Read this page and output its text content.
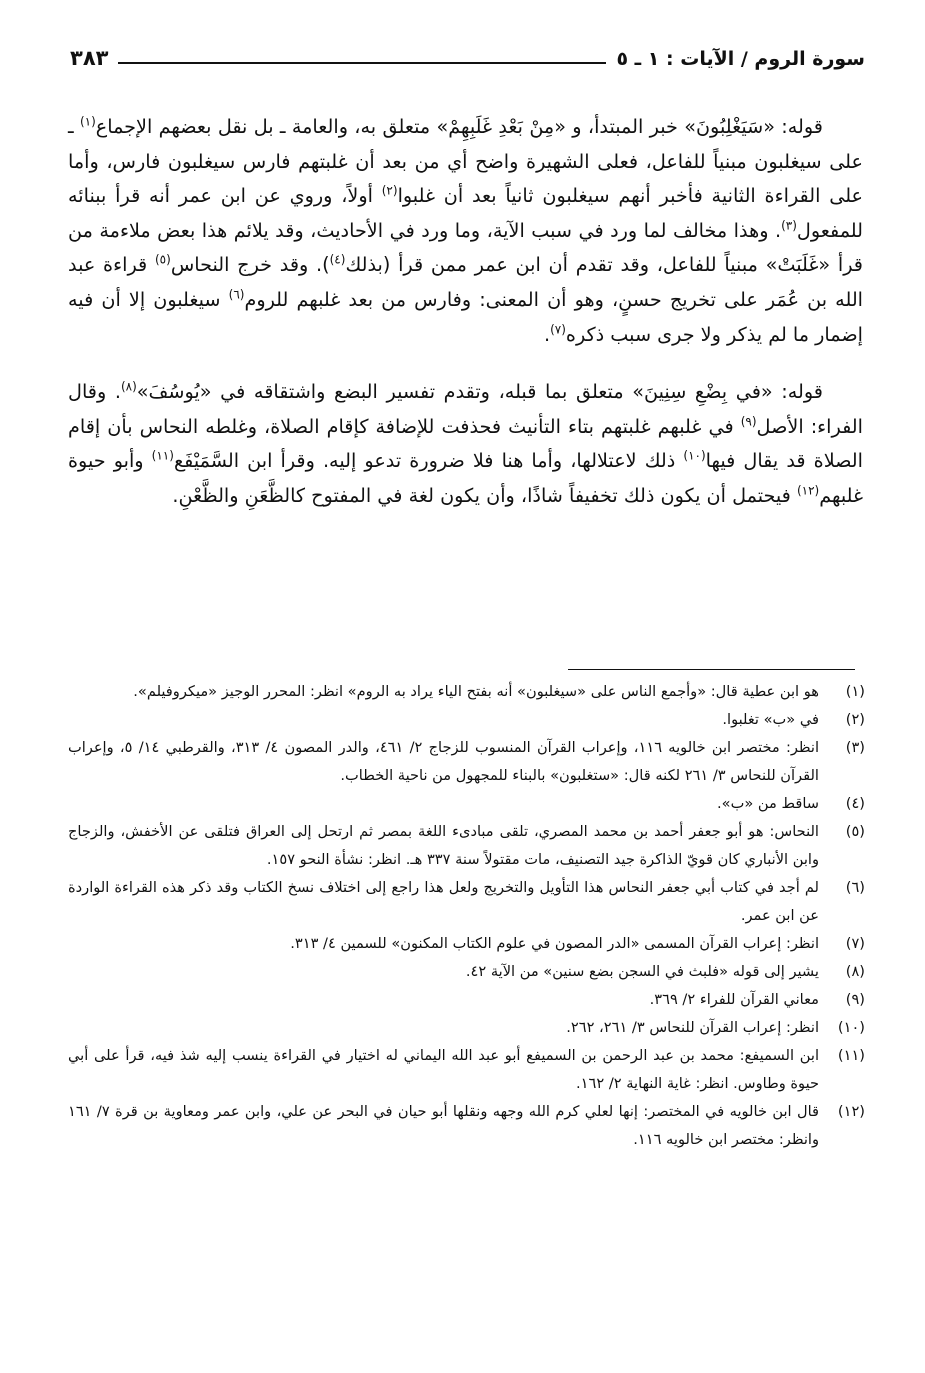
سورة الروم / الآيات : ١ ـ ٥
٣٨٣

قوله: «سَيَغْلِبُونَ» خبر المبتدأ، و «مِنْ بَعْدِ غَلَبِهِمْ» متعلق به، والعامة ـ بل نقل بعضهم الإجماع$^{(١)}$ ـ على سيغلبون مبنياً للفاعل، فعلى الشهيرة واضح أي من بعد أن غلبتهم فارس سيغلبون فارس، وأما على القراءة الثانية فأخبر أنهم سيغلبون ثانياً بعد أن غلبوا$^{(٢)}$ أولاً، وروي عن ابن عمر أنه قرأ ببنائه للمفعول$^{(٣)}$. وهذا مخالف لما ورد في سبب الآية، وما ورد في الأحاديث، وقد يلائم هذا بعض ملاءمة من قرأ «غَلَبَتْ» مبنياً للفاعل، وقد تقدم أن ابن عمر ممن قرأ (بذلك$^{(٤)}$). وقد خرج النحاس$^{(٥)}$ قراءة عبد الله بن عُمَر على تخريج حسنٍ، وهو أن المعنى: وفارس من بعد غلبهم للروم$^{(٦)}$ سيغلبون إلا أن فيه إضمار ما لم يذكر ولا جرى سبب ذكره$^{(٧)}$.

قوله: «في بِضْعِ سِنِينَ» متعلق بما قبله، وتقدم تفسير البضع واشتقاقه في «يُوسُفَ»$^{(٨)}$. وقال الفراء: الأصل$^{(٩)}$ في غلبهم غلبتهم بتاء التأنيث فحذفت للإضافة كإقام الصلاة، وغلطه النحاس بأن إقام الصلاة قد يقال فيها$^{(١٠)}$ ذلك لاعتلالها، وأما هنا فلا ضرورة تدعو إليه. وقرأ ابن السَّمَيْفَع$^{(١١)}$ وأبو حيوة غلبهم$^{(١٢)}$ فيحتمل أن يكون ذلك تخفيفاً شاذًا، وأن يكون لغة في المفتوح كالظَّعَنِ والظَّعْنِ.

(١)
هو ابن عطية قال: «وأجمع الناس على «سيغلبون» أنه بفتح الياء يراد به الروم» انظر: المحرر الوجيز «ميكروفيلم».
(٢)
في «ب» تغلبوا.
(٣)
انظر: مختصر ابن خالويه ١١٦، وإعراب القرآن المنسوب للزجاج ٢/ ٤٦١، والدر المصون ٤/ ٣١٣، والقرطبي ١٤/ ٥، وإعراب القرآن للنحاس ٣/ ٢٦١ لكنه قال: «ستغلبون» بالبناء للمجهول من ناحية الخطاب.
(٤)
ساقط من «ب».
(٥)
النحاس: هو أبو جعفر أحمد بن محمد المصري، تلقى مبادىء اللغة بمصر ثم ارتحل إلى العراق فتلقى عن الأخفش، والزجاج وابن الأنباري كان قويّ الذاكرة جيد التصنيف، مات مقتولاً سنة ٣٣٧ هـ. انظر: نشأة النحو ١٥٧.
(٦)
لم أجد في كتاب أبي جعفر النحاس هذا التأويل والتخريج ولعل هذا راجع إلى اختلاف نسخ الكتاب وقد ذكر هذه القراءة الواردة عن ابن عمر.
(٧)
انظر: إعراب القرآن المسمى «الدر المصون في علوم الكتاب المكنون» للسمين ٤/ ٣١٣.
(٨)
يشير إلى قوله «فلبث في السجن بضع سنين» من الآية ٤٢.
(٩)
معاني القرآن للفراء ٢/ ٣٦٩.
(١٠)
انظر: إعراب القرآن للنحاس ٣/ ٢٦١، ٢٦٢.
(١١)
ابن السميفع: محمد بن عبد الرحمن بن السميفع أبو عبد الله اليماني له اختيار في القراءة ينسب إليه شذ فيه، قرأ على أبي حيوة وطاوس. انظر: غاية النهاية ٢/ ١٦٢.
(١٢)
قال ابن خالويه في المختصر: إنها لعلي كرم الله وجهه ونقلها أبو حيان في البحر عن علي، وابن عمر ومعاوية بن قرة ٧/ ١٦١ وانظر: مختصر ابن خالويه ١١٦.
